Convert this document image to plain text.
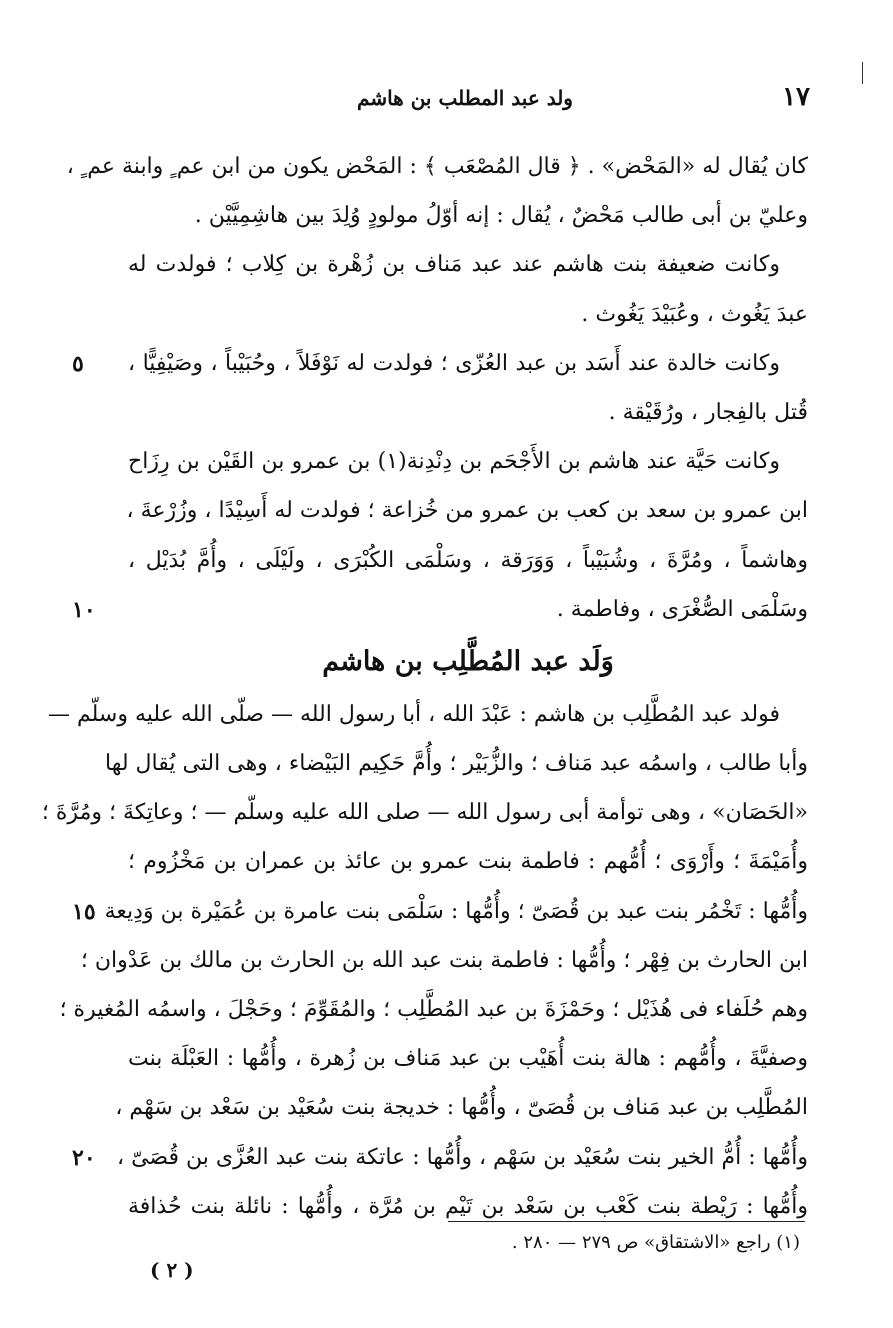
١٧
ولد عبد المطلب بن هاشم
كان يُقال له «المَحْض» . ﴿ قال المُصْعَب ﴾ : المَحْض يكون من ابن عم ٍ وابنة عم ٍ ،
وعليّ بن أبى طالب مَحْضٌ ، يُقال : إنه أوّلُ مولودٍ وُلِدَ بين هاشِمِيَّيْن .
وكانت ضعيفة بنت هاشم عند عبد مَناف بن زُهْرة بن كِلاب ؛ فولدت له
عبدَ يَغُوث ، وعُبَيْدَ يَغُوث .
وكانت خالدة عند أَسَد بن عبد العُزّى ؛ فولدت له نَوْفَلاً ، وحُبَيْباً ، وصَيْفِيًّا ،
قُتل بالفِجار ، ورُقَيْقة .
وكانت حَيَّة عند هاشم بن الأَجْحَم بن دِنْدِنة(١) بن عمرو بن القَيْن بن رِزَاح
ابن عمرو بن سعد بن كعب بن عمرو من خُزاعة ؛ فولدت له أَسِيْدًا ، وزُرْعةَ ،
وهاشماً ، ومُرَّةَ ، وشُبَيْباً ، وَوَرَقة ، وسَلْمَى الكُبْرَى ، ولَيْلَى ، وأُمَّ بُدَيْل ،
وسَلْمَى الصُّغْرَى ، وفاطمة .
وَلَد عبد المُطَّلِب بن هاشم
فولد عبد المُطَّلِب بن هاشم : عَبْدَ الله ، أبا رسول الله — صلّى الله عليه وسلّم —
وأبا طالب ، واسمُه عبد مَناف ؛ والزُّبَيْر ؛ وأُمَّ حَكِيم البَيْضاء ، وهى التى يُقال لها
«الحَصَان» ، وهى توأمة أبى رسول الله — صلى الله عليه وسلّم — ؛ وعاتِكةَ ؛ ومُرَّةَ ؛
وأُمَيْمَةَ ؛ وأَرْوَى ؛ أُمُّهم : فاطمة بنت عمرو بن عائذ بن عمران بن مَخْزُوم ؛
وأُمُّها : تَخْمُر بنت عبد بن قُصَىّ ؛ وأُمُّها : سَلْمَى بنت عامرة بن عُمَيْرة بن وَدِيعة
ابن الحارث بن فِهْر ؛ وأُمُّها : فاطمة بنت عبد الله بن الحارث بن مالك بن عَدْوان ؛
وهم حُلَفاء فى هُذَيْل ؛ وحَمْزَةَ بن عبد المُطَّلِب ؛ والمُقَوِّمَ ؛ وحَجْلَ ، واسمُه المُغيرة ؛
وصفيَّةَ ، وأُمُّهم : هالة بنت أُهَيْب بن عبد مَناف بن زُهرة ، وأُمُّها : العَبْلَة بنت
المُطَّلِب بن عبد مَناف بن قُصَىّ ، وأُمُّها : خديجة بنت سُعَيْد بن سَعْد بن سَهْم ،
وأُمُّها : أُمُّ الخير بنت سُعَيْد بن سَهْم ، وأُمُّها : عاتكة بنت عبد العُزَّى بن قُصَىّ ،
وأُمُّها : رَيْطة بنت كَعْب بن سَعْد بن تَيْم بن مُرَّة ، وأُمُّها : نائلة بنت حُذافة
٥
١٠
١٥
٢٠
(١) راجع «الاشتقاق» ص ٢٧٩ — ٢٨٠ .
( ٢ )
